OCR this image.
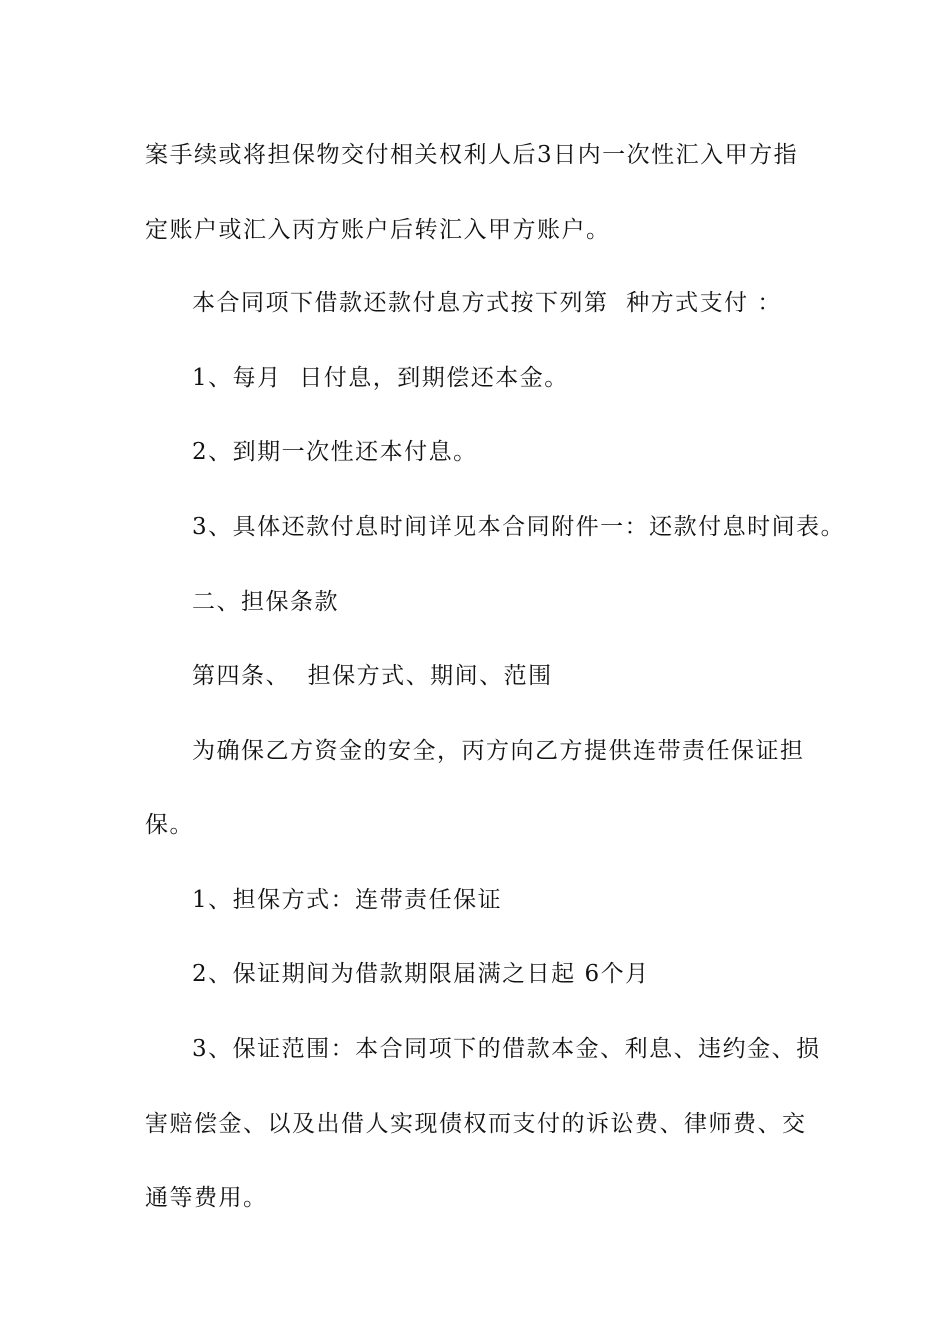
案手续或将担保物交付相关权利人后3日内一次性汇入甲方指
定账户或汇入丙方账户后转汇入甲方账户。
本合同项下借款还款付息方式按下列第  种方式支付 ：
1、每月  日付息，到期偿还本金。
2、到期一次性还本付息。
3、具体还款付息时间详见本合同附件一：还款付息时间表。
二、担保条款
第四条、  担保方式、期间、范围
为确保乙方资金的安全，丙方向乙方提供连带责任保证担
保。
1、担保方式：连带责任保证
2、保证期间为借款期限届满之日起 6个月
3、保证范围：本合同项下的借款本金、利息、违约金、损
害赔偿金、以及出借人实现债权而支付的诉讼费、律师费、交
通等费用。
